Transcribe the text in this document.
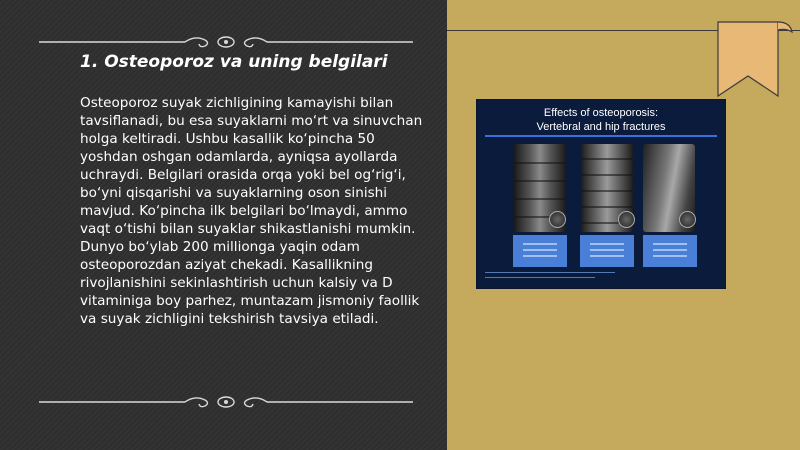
1. Osteoporoz va uning belgilari

Osteoporoz suyak zichligining kamayishi bilan tavsiflanadi, bu esa suyaklarni mo‘rt va sinuvchan holga keltiradi. Ushbu kasallik ko‘pincha 50 yoshdan oshgan odamlarda, ayniqsa ayollarda uchraydi. Belgilari orasida orqa yoki bel og‘rig‘i, bo‘yni qisqarishi va suyaklarning oson sinishi mavjud. Ko‘pincha ilk belgilari bo‘lmaydi, ammo vaqt o‘tishi bilan suyaklar shikastlanishi mumkin. Dunyo bo‘ylab 200 millionga yaqin odam osteoporozdan aziyat chekadi. Kasallikning rivojlanishini sekinlashtirish uchun kalsiy va D vitaminiga boy parhez, muntazam jismoniy faollik va suyak zichligini tekshirish tavsiya etiladi.

Effects of osteoporosis:
Vertebral and hip fractures
